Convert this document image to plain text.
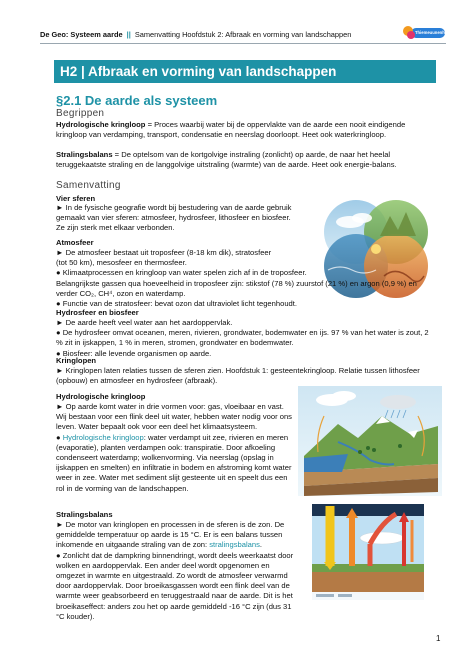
De Geo: Systeem aarde || Samenvatting Hoofdstuk 2: Afbraak en vorming van landschappen	Thiemeuunenhoff
H2 | Afbraak en vorming van landschappen
§2.1 De aarde als systeem
Begrippen
Hydrologische kringloop = Proces waarbij water bij de oppervlakte van de aarde een nooit eindigende kringloop van verdamping, transport, condensatie en neerslag doorloopt. Heet ook waterkringloop.
Stralingsbalans = De optelsom van de kortgolvige instraling (zonlicht) op aarde, de naar het heelal teruggekaatste straling en de langgolvige uitstraling (warmte) van de aarde. Heet ook energie-balans.
Samenvatting
Vier sferen
► In de fysische geografie wordt bij bestudering van de aarde gebruik gemaakt van vier sferen: atmosfeer, hydrosfeer, lithosfeer en biosfeer. Ze zijn sterk met elkaar verbonden.
Atmosfeer
► De atmosfeer bestaat uit troposfeer (8-18 km dik), stratosfeer (tot 50 km), mesosfeer en thermosfeer.
● Klimaatprocessen en kringloop van water spelen zich af in de troposfeer.
Belangrijkste gassen qua hoeveelheid in troposfeer zijn: stikstof (78 %) zuurstof (21 %) en argon (0,9 %) en verder CO₂, CH⁴, ozon en waterdamp.
● Functie van de stratosfeer: bevat ozon dat ultraviolet licht tegenhoudt.
Hydrosfeer en biosfeer
► De aarde heeft veel water aan het aardoppervlak.
● De hydrosfeer omvat oceanen, meren, rivieren, grondwater, bodemwater en ijs. 97 % van het water is zout, 2 % zit in ijskappen, 1 % in meren, stromen, grondwater en bodemwater.
● Biosfeer: alle levende organismen op aarde.
Kringlopen
► Kringlopen laten relaties tussen de sferen zien. Hoofdstuk 1: gesteentekringloop. Relatie tussen lithosfeer (opbouw) en atmosfeer en hydrosfeer (afbraak).
Hydrologische kringloop
► Op aarde komt water in drie vormen voor: gas, vloeibaar en vast. Wij bestaan voor een flink deel uit water, hebben water nodig voor ons leven. Water bepaalt ook voor een deel het klimaatsysteem.
● Hydrologische kringloop: water verdampt uit zee, rivieren en meren (evaporatie), planten verdampen ook: transpiratie. Door afkoeling condenseert waterdamp; wolkenvorming. Via neerslag (opslag in ijskappen en smelten) en infiltratie in bodem en afstroming komt water weer in zee. Water met sediment slijt gesteente uit en speelt dus een rol in de vorming van de landschappen.
Stralingsbalans
► De motor van kringlopen en processen in de sferen is de zon. De gemiddelde temperatuur op aarde is 15 °C. Er is een balans tussen inkomende en uitgaande straling van de zon: stralingsbalans.
● Zonlicht dat de dampkring binnendringt, wordt deels weerkaatst door wolken en aardoppervlak. Een ander deel wordt opgenomen en omgezet in warmte en uitgestraald. Zo wordt de atmosfeer verwarmd door aardoppervlak. Door broeikasgassen wordt een flink deel van de warmte weer geabsorbeerd en teruggestraald naar de aarde. Dit is het broeikaseffect: anders zou het op aarde gemiddeld -16 °C zijn (dus 31 °C kouder).
1
